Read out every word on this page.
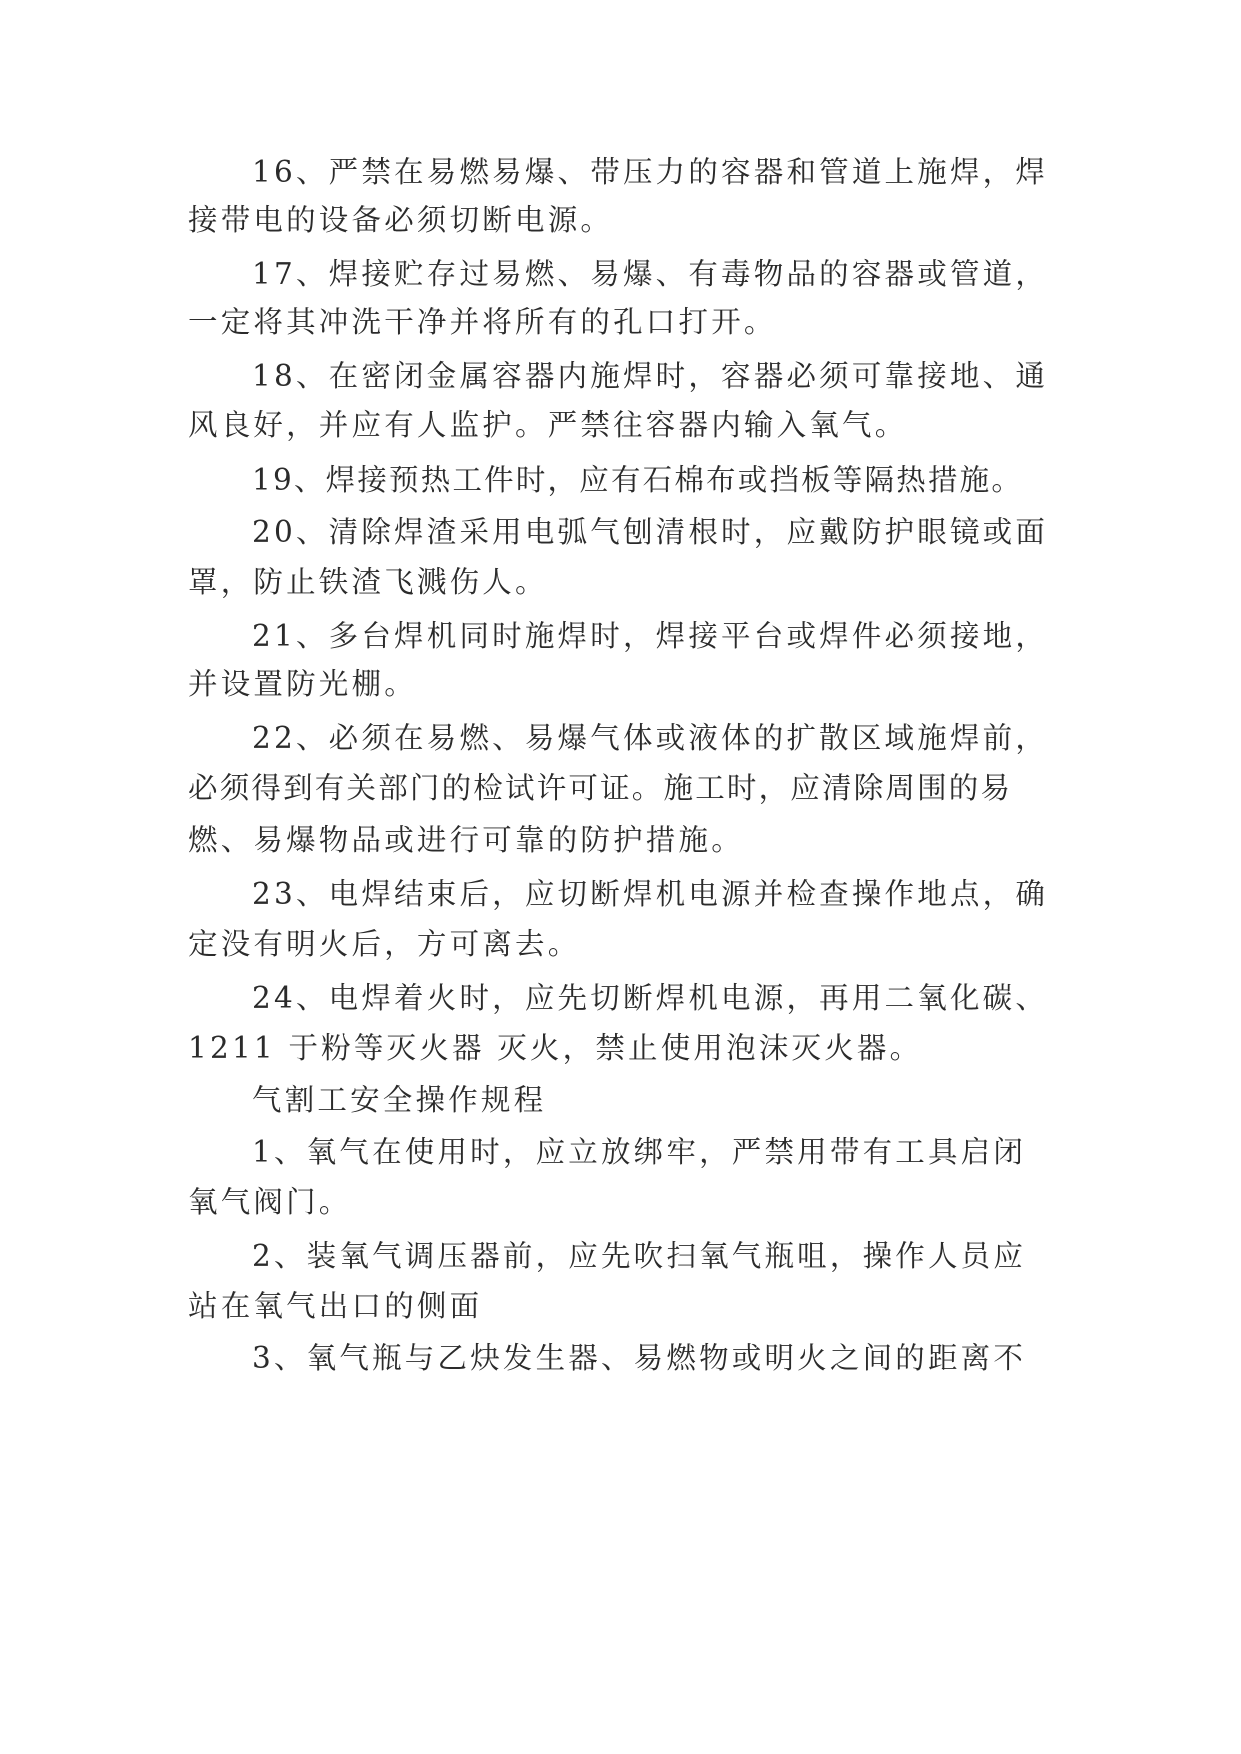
16、严禁在易燃易爆、带压力的容器和管道上施焊，焊
接带电的设备必须切断电源。
17、焊接贮存过易燃、易爆、有毒物品的容器或管道，
一定将其冲洗干净并将所有的孔口打开。
18、在密闭金属容器内施焊时，容器必须可靠接地、通
风良好，并应有人监护。严禁往容器内输入氧气。
19、焊接预热工件时，应有石棉布或挡板等隔热措施。
20、清除焊渣采用电弧气刨清根时，应戴防护眼镜或面
罩，防止铁渣飞溅伤人。
21、多台焊机同时施焊时，焊接平台或焊件必须接地，
并设置防光棚。
22、必须在易燃、易爆气体或液体的扩散区域施焊前，
必须得到有关部门的检试许可证。施工时，应清除周围的易
燃、易爆物品或进行可靠的防护措施。
23、电焊结束后，应切断焊机电源并检查操作地点，确
定没有明火后，方可离去。
24、电焊着火时，应先切断焊机电源，再用二氧化碳、
1211 于粉等灭火器 灭火，禁止使用泡沫灭火器。
气割工安全操作规程
1、氧气在使用时，应立放绑牢，严禁用带有工具启闭
氧气阀门。
2、装氧气调压器前，应先吹扫氧气瓶咀，操作人员应
站在氧气出口的侧面
3、氧气瓶与乙炔发生器、易燃物或明火之间的距离不
